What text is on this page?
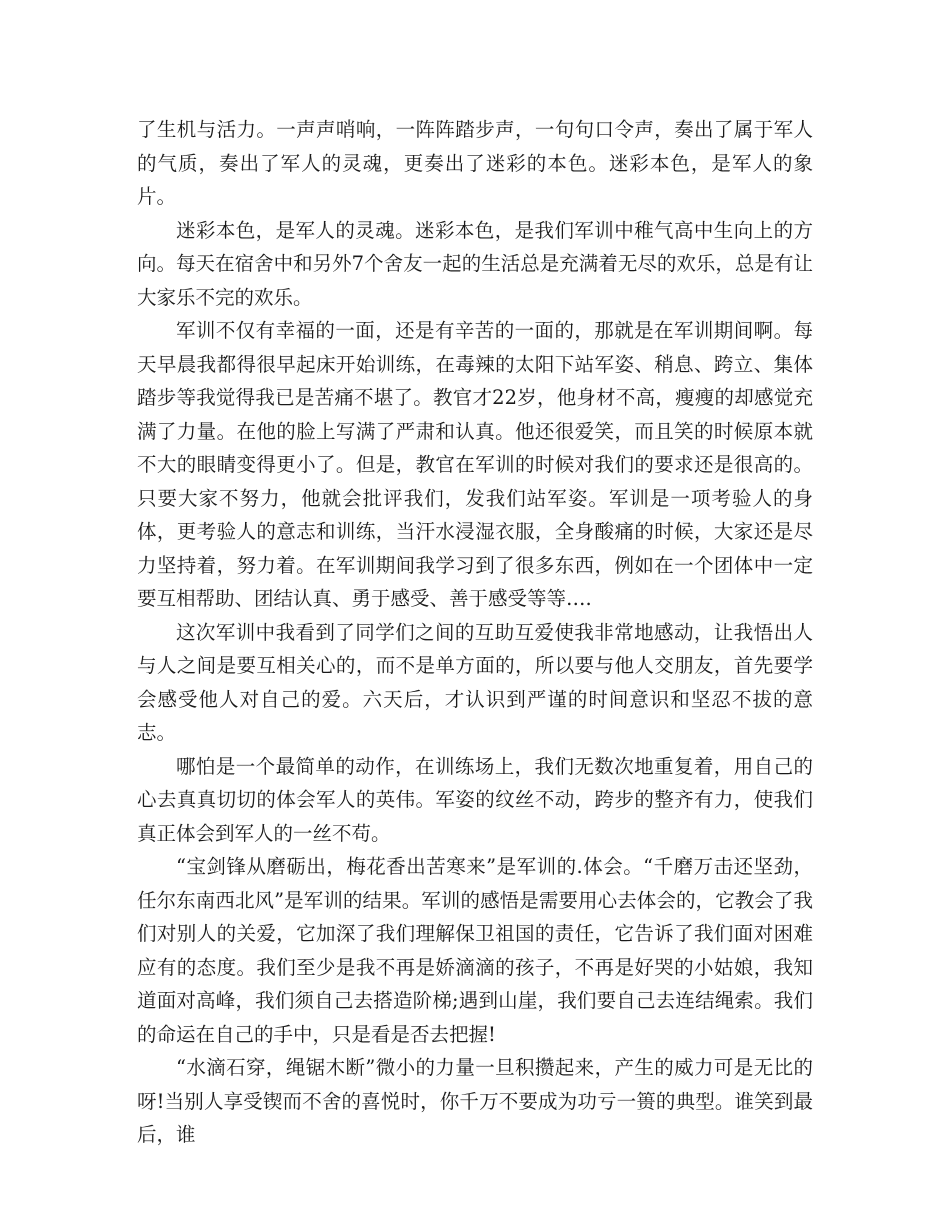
了生机与活力。一声声哨响，一阵阵踏步声，一句句口令声，奏出了属于军人的气质，奏出了军人的灵魂，更奏出了迷彩的本色。迷彩本色，是军人的象片。

迷彩本色，是军人的灵魂。迷彩本色，是我们军训中稚气高中生向上的方向。每天在宿舍中和另外7个舍友一起的生活总是充满着无尽的欢乐，总是有让大家乐不完的欢乐。

军训不仅有幸福的一面，还是有辛苦的一面的，那就是在军训期间啊。每天早晨我都得很早起床开始训练，在毒辣的太阳下站军姿、稍息、跨立、集体踏步等我觉得我已是苦痛不堪了。教官才22岁，他身材不高，瘦瘦的却感觉充满了力量。在他的脸上写满了严肃和认真。他还很爱笑，而且笑的时候原本就不大的眼睛变得更小了。但是，教官在军训的时候对我们的要求还是很高的。只要大家不努力，他就会批评我们，发我们站军姿。军训是一项考验人的身体，更考验人的意志和训练，当汗水浸湿衣服，全身酸痛的时候，大家还是尽力坚持着，努力着。在军训期间我学习到了很多东西，例如在一个团体中一定要互相帮助、团结认真、勇于感受、善于感受等等….

这次军训中我看到了同学们之间的互助互爱使我非常地感动，让我悟出人与人之间是要互相关心的，而不是单方面的，所以要与他人交朋友，首先要学会感受他人对自己的爱。六天后，才认识到严谨的时间意识和坚忍不拔的意志。

哪怕是一个最简单的动作，在训练场上，我们无数次地重复着，用自己的心去真真切切的体会军人的英伟。军姿的纹丝不动，跨步的整齐有力，使我们真正体会到军人的一丝不苟。

“宝剑锋从磨砺出，梅花香出苦寒来”是军训的.体会。“千磨万击还坚劲，任尔东南西北风”是军训的结果。军训的感悟是需要用心去体会的，它教会了我们对别人的关爱，它加深了我们理解保卫祖国的责任，它告诉了我们面对困难应有的态度。我们至少是我不再是娇滴滴的孩子，不再是好哭的小姑娘，我知道面对高峰，我们须自己去搭造阶梯;遇到山崖，我们要自己去连结绳索。我们的命运在自己的手中，只是看是否去把握!

“水滴石穿，绳锯木断”微小的力量一旦积攒起来，产生的威力可是无比的呀!当别人享受锲而不舍的喜悦时，你千万不要成为功亏一篑的典型。谁笑到最后，谁
